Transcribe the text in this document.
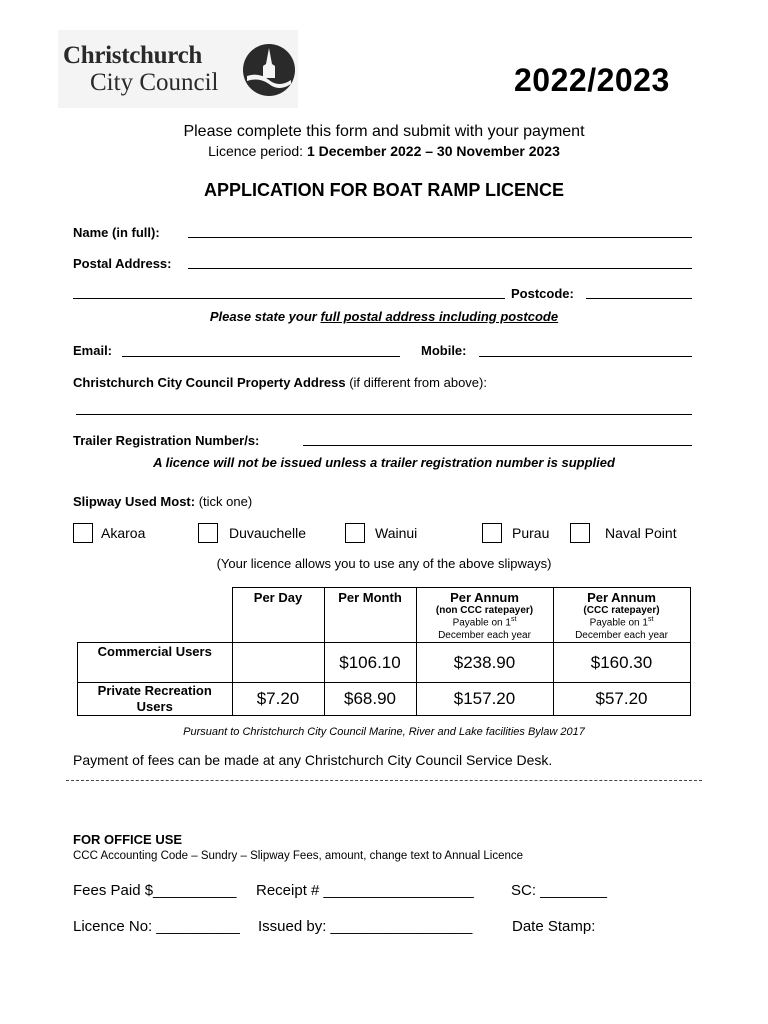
Christchurch
City Council	2022/2023
Please complete this form and submit with your payment
Licence period: 1 December 2022 – 30 November 2023
APPLICATION FOR BOAT RAMP LICENCE
Name (in full):
Postal Address:
Postcode:
Please state your full postal address including postcode
Email:	Mobile:
Christchurch City Council Property Address (if different from above):
Trailer Registration Number/s:
A licence will not be issued unless a trailer registration number is supplied
Slipway Used Most: (tick one)
Akaroa	Duvauchelle	Wainui	Purau	Naval Point
(Your licence allows you to use any of the above slipways)

	Per Day	Per Month	Per Annum
(non CCC ratepayer)
Payable on 1st
December each year	Per Annum
(CCC ratepayer)
Payable on 1st
December each year

Commercial Users		$106.10	$238.90	$160.30

Private Recreation Users	$7.20	$68.90	$157.20	$57.20
Pursuant to Christchurch City Council Marine, River and Lake facilities Bylaw 2017
Payment of fees can be made at any Christchurch City Council Service Desk.
FOR OFFICE USE
CCC Accounting Code – Sundry – Slipway Fees, amount, change text to Annual Licence
Fees Paid $__________ Receipt # __________________ SC: ________
Licence No: __________ Issued by: _________________	Date Stamp:
